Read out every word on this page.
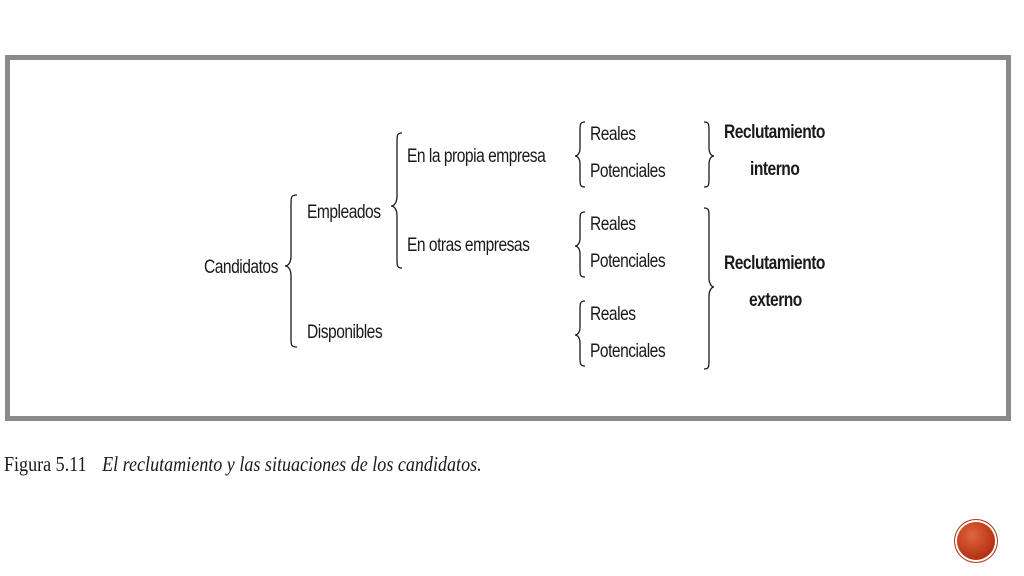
Candidatos
Empleados
Disponibles
En la propia empresa
En otras empresas
Reales
Potenciales
Reales
Potenciales
Reales
Potenciales
Reclutamiento
interno
Reclutamiento
externo
Figura 5.11 El reclutamiento y las situaciones de los candidatos.
